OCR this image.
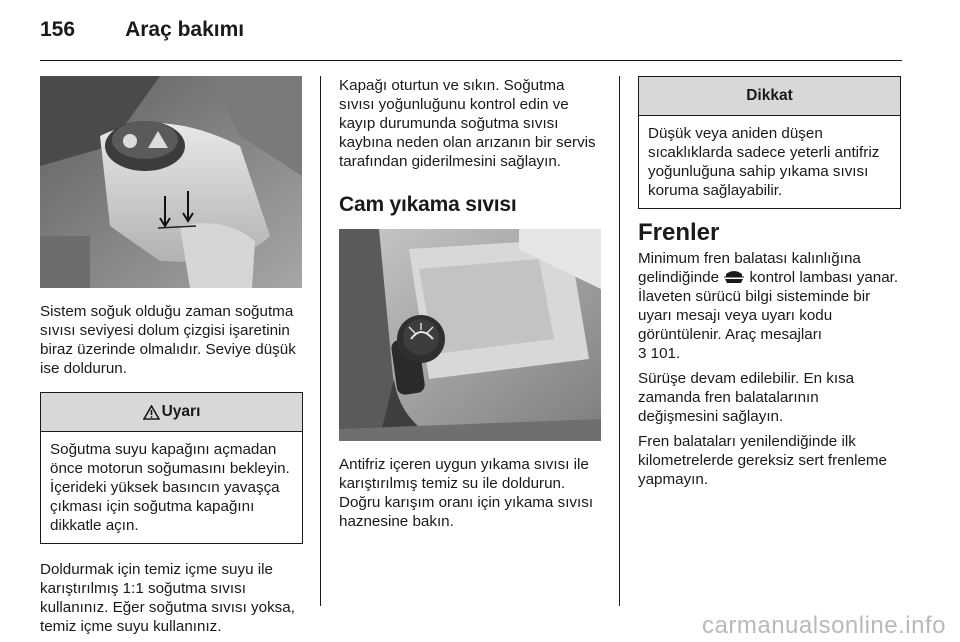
156 Araç bakımı

Sistem soğuk olduğu zaman soğutma sıvısı seviyesi dolum çizgisi işaretinin biraz üzerinde olmalıdır. Seviye düşük ise doldurun.

Uyarı
Soğutma suyu kapağını açmadan önce motorun soğumasını bekleyin. İçerideki yüksek basıncın yavaşça çıkması için soğutma kapağını dikkatle açın.

Doldurmak için temiz içme suyu ile karıştırılmış 1:1 soğutma sıvısı kullanınız. Eğer soğutma sıvısı yoksa, temiz içme suyu kullanınız.

Kapağı oturtun ve sıkın. Soğutma sıvısı yoğunluğunu kontrol edin ve kayıp durumunda soğutma sıvısı kaybına neden olan arızanın bir servis tarafından giderilmesini sağlayın.

Cam yıkama sıvısı

Antifriz içeren uygun yıkama sıvısı ile karıştırılmış temiz su ile doldurun. Doğru karışım oranı için yıkama sıvısı haznesine bakın.

Dikkat
Düşük veya aniden düşen sıcaklıklarda sadece yeterli antifriz yoğunluğuna sahip yıkama sıvısı koruma sağlayabilir.
Frenler

Minimum fren balatası kalınlığına gelindiğinde kontrol lambası yanar. İlaveten sürücü bilgi sisteminde bir uyarı mesajı veya uyarı kodu görüntülenir. Araç mesajları
3 101.

Sürüşe devam edilebilir. En kısa zamanda fren balatalarının değişmesini sağlayın.

Fren balataları yenilendiğinde ilk kilometrelerde gereksiz sert frenleme yapmayın.

carmanualsonline.info
